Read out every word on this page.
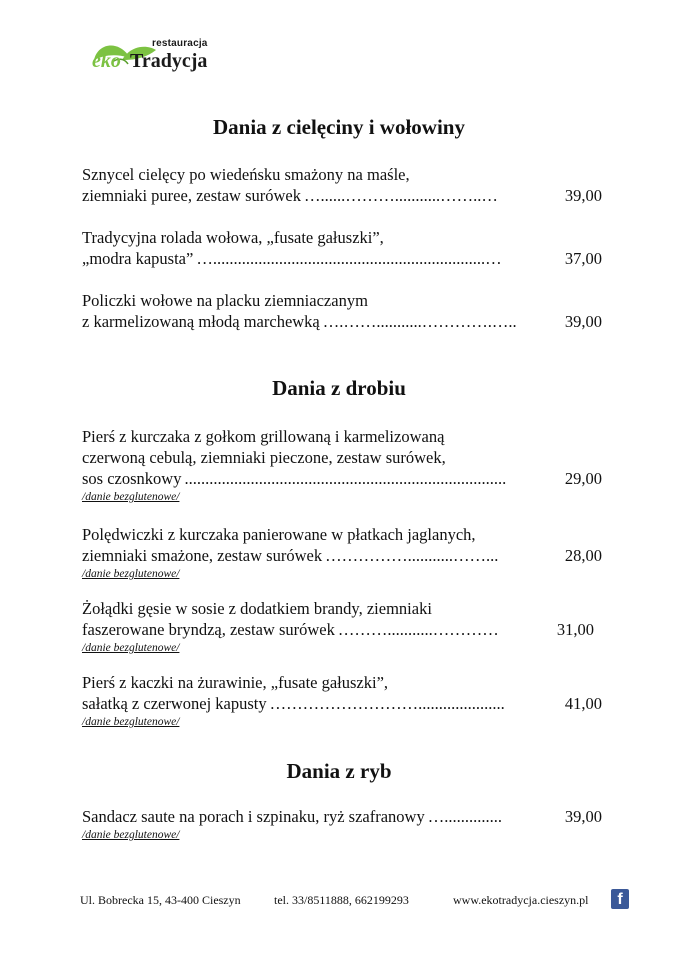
restauracja
eko Tradycja
Dania z cielęciny i wołowiny
Sznycel cielęcy po wiedeńsku smażony na maśle,
ziemniaki puree, zestaw surówek …......………...........……..…	39,00
Tradycyjna rolada wołowa, „fusate gałuszki”,
„modra kapusta” …..................................................................…	37,00
Policzki wołowe na placku ziemniaczanym
z karmelizowaną młodą marchewką ….……...........………….…..	39,00
Dania z drobiu
Pierś z kurczaka z gołkom grillowaną i karmelizowaną
czerwoną cebulą, ziemniaki pieczone, zestaw surówek,
sos czosnkowy ..............................................................................	29,00
/danie bezglutenowe/
Polędwiczki z kurczaka panierowane w płatkach jaglanych,
ziemniaki smażone, zestaw surówek ……………...........……...	28,00
/danie bezglutenowe/
Żołądki gęsie w sosie z dodatkiem brandy, ziemniaki
faszerowane bryndzą, zestaw surówek ………...........…………	31,00
/danie bezglutenowe/
Pierś z kaczki na żurawinie, „fusate gałuszki”,
sałatką z czerwonej kapusty ……………………….....................	41,00
/danie bezglutenowe/
Dania z ryb
Sandacz saute na porach i szpinaku, ryż szafranowy …..............	39,00
/danie bezglutenowe/
Ul. Bobrecka 15, 43-400 Cieszyn	tel. 33/8511888, 662199293	www.ekotradycja.cieszyn.pl	f
